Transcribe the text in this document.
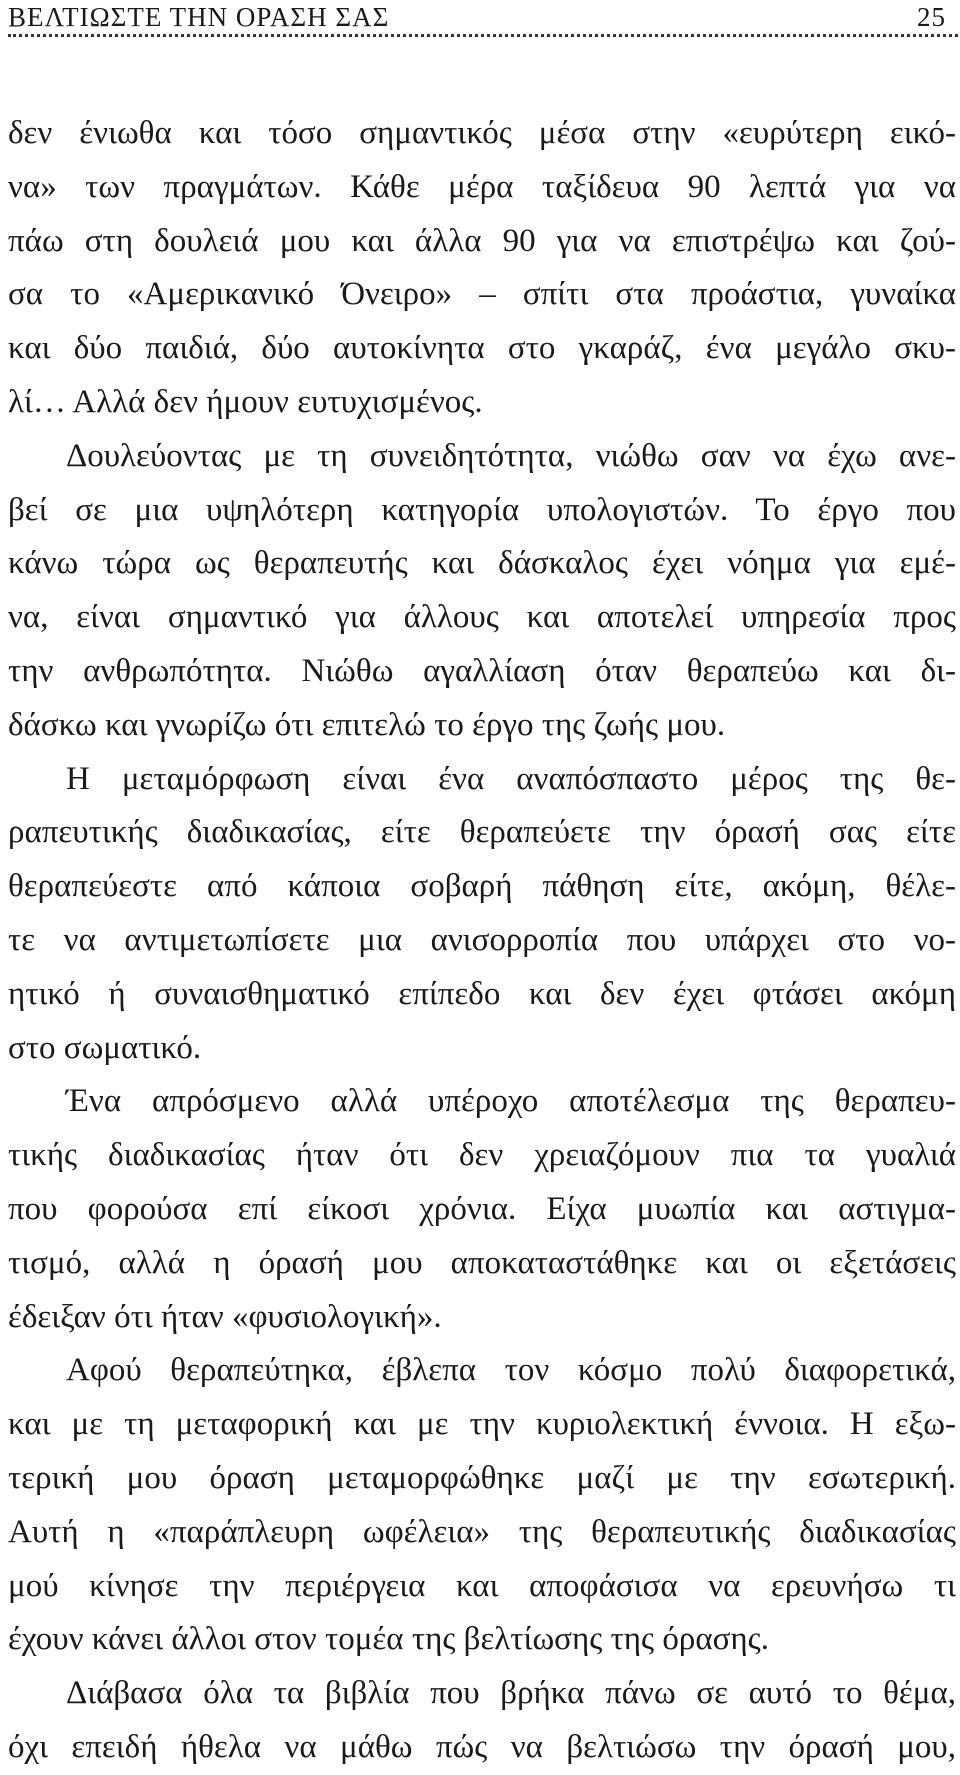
ΒΕΛΤΙΩΣΤΕ ΤΗΝ ΟΡΑΣΗ ΣΑΣ	25
δεν ένιωθα και τόσο σημαντικός μέσα στην «ευρύτερη εικό-
να» των πραγμάτων. Κάθε μέρα ταξίδευα 90 λεπτά για να
πάω στη δουλειά μου και άλλα 90 για να επιστρέψω και ζού-
σα το «Αμερικανικό Όνειρο» – σπίτι στα προάστια, γυναίκα
και δύο παιδιά, δύο αυτοκίνητα στο γκαράζ, ένα μεγάλο σκυ-
λί… Αλλά δεν ήμουν ευτυχισμένος.
Δουλεύοντας με τη συνειδητότητα, νιώθω σαν να έχω ανε-
βεί σε μια υψηλότερη κατηγορία υπολογιστών. Το έργο που
κάνω τώρα ως θεραπευτής και δάσκαλος έχει νόημα για εμέ-
να, είναι σημαντικό για άλλους και αποτελεί υπηρεσία προς
την ανθρωπότητα. Νιώθω αγαλλίαση όταν θεραπεύω και δι-
δάσκω και γνωρίζω ότι επιτελώ το έργο της ζωής μου.
Η μεταμόρφωση είναι ένα αναπόσπαστο μέρος της θε-
ραπευτικής διαδικασίας, είτε θεραπεύετε την όρασή σας είτε
θεραπεύεστε από κάποια σοβαρή πάθηση είτε, ακόμη, θέλε-
τε να αντιμετωπίσετε μια ανισορροπία που υπάρχει στο νο-
ητικό ή συναισθηματικό επίπεδο και δεν έχει φτάσει ακόμη
στο σωματικό.
Ένα απρόσμενο αλλά υπέροχο αποτέλεσμα της θεραπευ-
τικής διαδικασίας ήταν ότι δεν χρειαζόμουν πια τα γυαλιά
που φορούσα επί είκοσι χρόνια. Είχα μυωπία και αστιγμα-
τισμό, αλλά η όρασή μου αποκαταστάθηκε και οι εξετάσεις
έδειξαν ότι ήταν «φυσιολογική».
Αφού θεραπεύτηκα, έβλεπα τον κόσμο πολύ διαφορετικά,
και με τη μεταφορική και με την κυριολεκτική έννοια. Η εξω-
τερική μου όραση μεταμορφώθηκε μαζί με την εσωτερική.
Αυτή η «παράπλευρη ωφέλεια» της θεραπευτικής διαδικασίας
μού κίνησε την περιέργεια και αποφάσισα να ερευνήσω τι
έχουν κάνει άλλοι στον τομέα της βελτίωσης της όρασης.
Διάβασα όλα τα βιβλία που βρήκα πάνω σε αυτό το θέμα,
όχι επειδή ήθελα να μάθω πώς να βελτιώσω την όρασή μου,
